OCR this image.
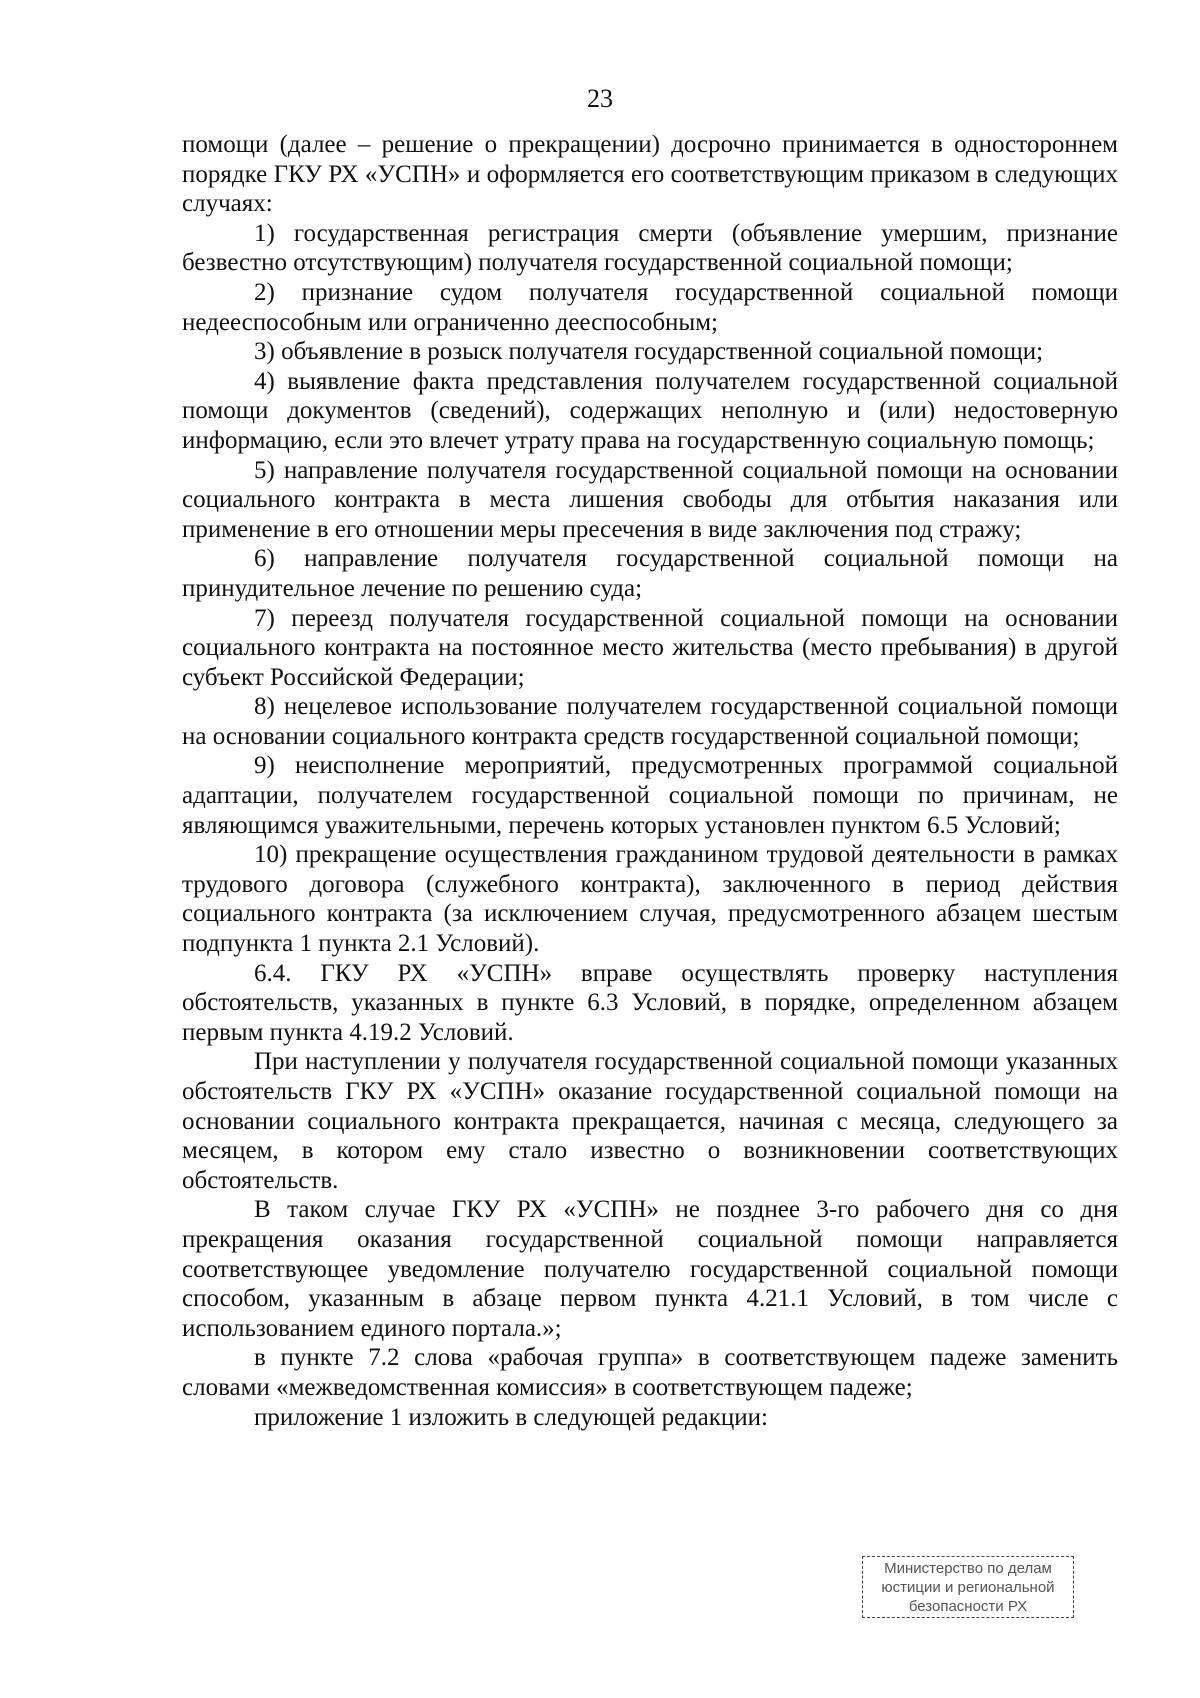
23

помощи (далее – решение о прекращении) досрочно принимается в одностороннем порядке ГКУ РХ «УСПН» и оформляется его соответствующим приказом в следующих случаях:

1) государственная регистрация смерти (объявление умершим, признание безвестно отсутствующим) получателя государственной социальной помощи;

2) признание судом получателя государственной социальной помощи недееспособным или ограниченно дееспособным;

3) объявление в розыск получателя государственной социальной помощи;

4) выявление факта представления получателем государственной социальной помощи документов (сведений), содержащих неполную и (или) недостоверную информацию, если это влечет утрату права на государственную социальную помощь;

5) направление получателя государственной социальной помощи на основании социального контракта в места лишения свободы для отбытия наказания или применение в его отношении меры пресечения в виде заключения под стражу;

6) направление получателя государственной социальной помощи на принудительное лечение по решению суда;

7) переезд получателя государственной социальной помощи на основании социального контракта на постоянное место жительства (место пребывания) в другой субъект Российской Федерации;

8) нецелевое использование получателем государственной социальной помощи на основании социального контракта средств государственной социальной помощи;

9) неисполнение мероприятий, предусмотренных программой социальной адаптации, получателем государственной социальной помощи по причинам, не являющимся уважительными, перечень которых установлен пунктом 6.5 Условий;

10) прекращение осуществления гражданином трудовой деятельности в рамках трудового договора (служебного контракта), заключенного в период действия социального контракта (за исключением случая, предусмотренного абзацем шестым подпункта 1 пункта 2.1 Условий).

6.4. ГКУ РХ «УСПН» вправе осуществлять проверку наступления обстоятельств, указанных в пункте 6.3 Условий, в порядке, определенном абзацем первым пункта 4.19.2 Условий.

При наступлении у получателя государственной социальной помощи указанных обстоятельств ГКУ РХ «УСПН» оказание государственной социальной помощи на основании социального контракта прекращается, начиная с месяца, следующего за месяцем, в котором ему стало известно о возникновении соответствующих обстоятельств.

В таком случае ГКУ РХ «УСПН» не позднее 3-го рабочего дня со дня прекращения оказания государственной социальной помощи направляется соответствующее уведомление получателю государственной социальной помощи способом, указанным в абзаце первом пункта 4.21.1 Условий, в том числе с использованием единого портала.»;

в пункте 7.2 слова «рабочая группа» в соответствующем падеже заменить словами «межведомственная комиссия» в соответствующем падеже;

приложение 1 изложить в следующей редакции:

Министерство по делам
юстиции и региональной
безопасности РХ
